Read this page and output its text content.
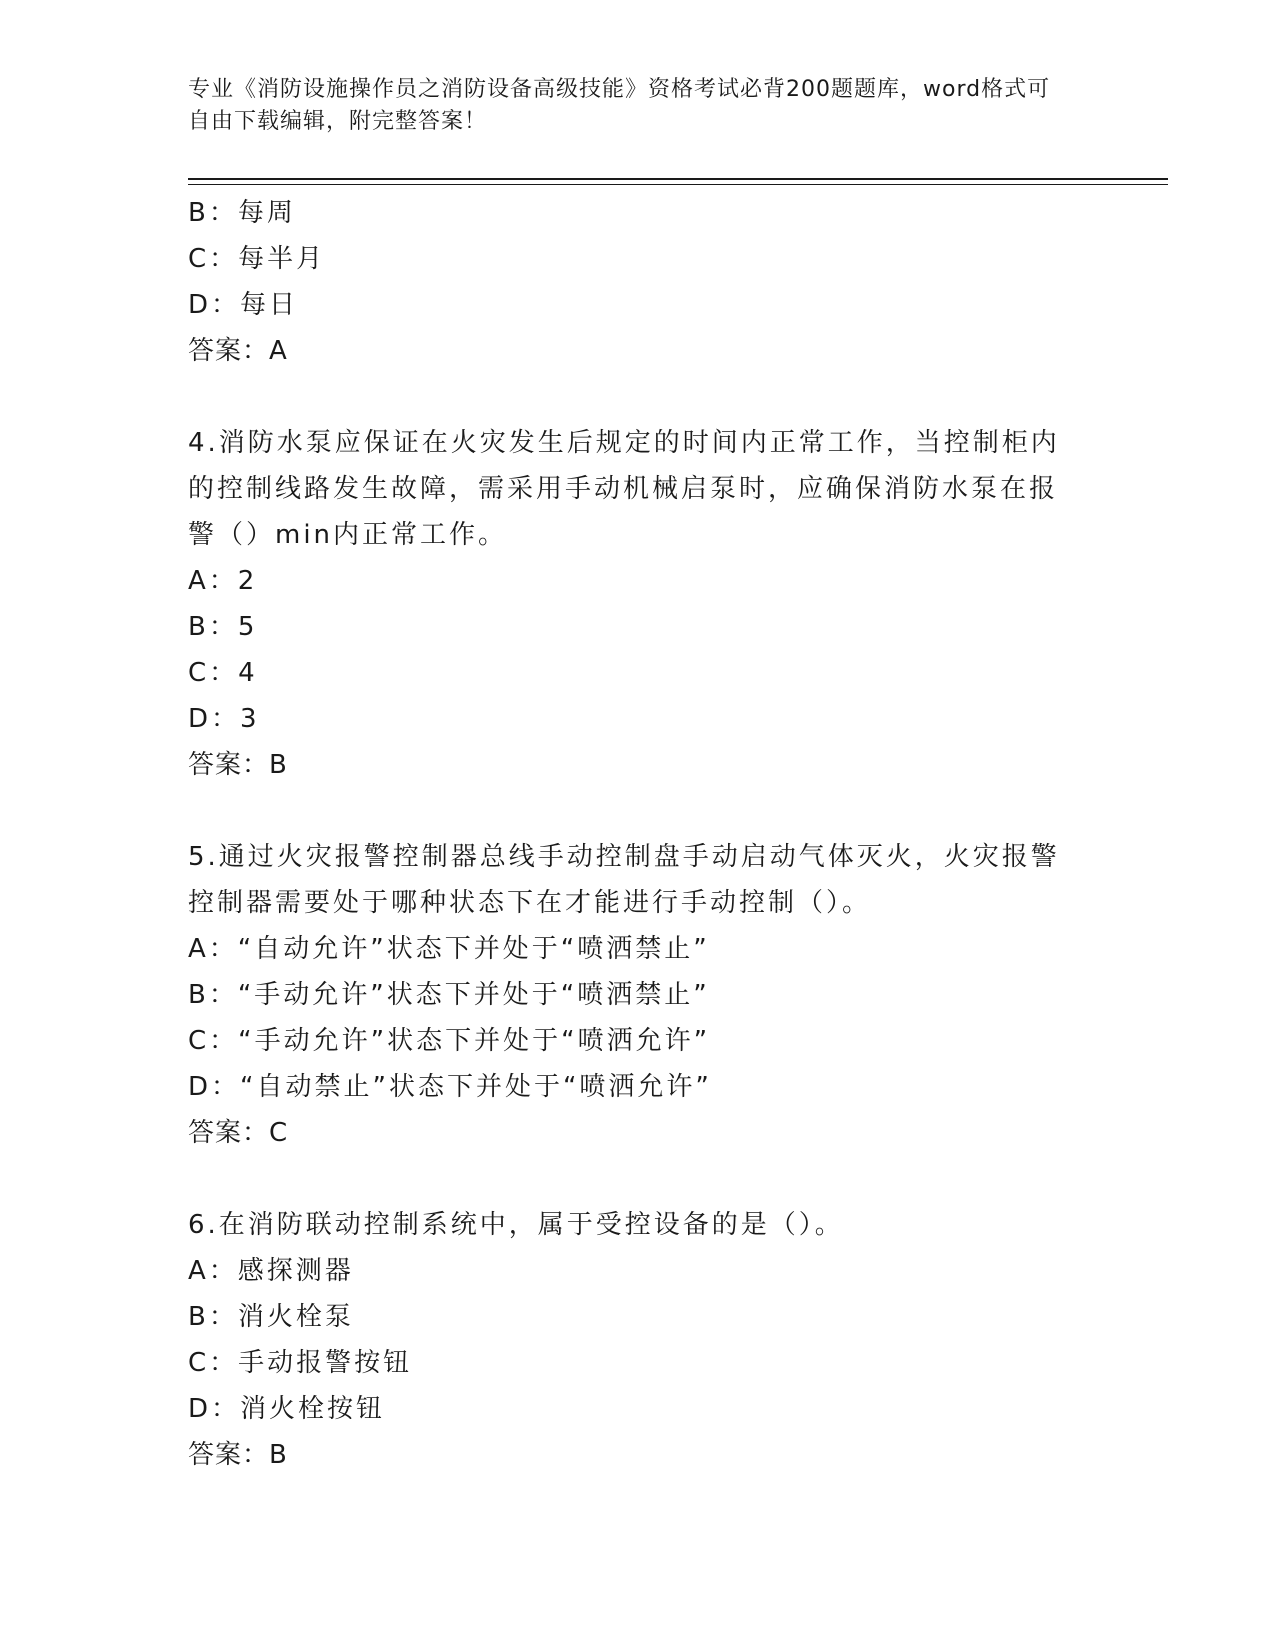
专业《消防设施操作员之消防设备高级技能》资格考试必背200题题库，word格式可自由下载编辑，附完整答案！
B：每周
C：每半月
D：每日
答案：A
4.消防水泵应保证在火灾发生后规定的时间内正常工作，当控制柜内的控制线路发生故障，需采用手动机械启泵时，应确保消防水泵在报警（）min内正常工作。
A：2
B：5
C：4
D：3
答案：B
5.通过火灾报警控制器总线手动控制盘手动启动气体灭火，火灾报警控制器需要处于哪种状态下在才能进行手动控制（）。
A：“自动允许”状态下并处于“喷洒禁止”
B：“手动允许”状态下并处于“喷洒禁止”
C：“手动允许”状态下并处于“喷洒允许”
D：“自动禁止”状态下并处于“喷洒允许”
答案：C
6.在消防联动控制系统中，属于受控设备的是（）。
A：感探测器
B：消火栓泵
C：手动报警按钮
D：消火栓按钮
答案：B
